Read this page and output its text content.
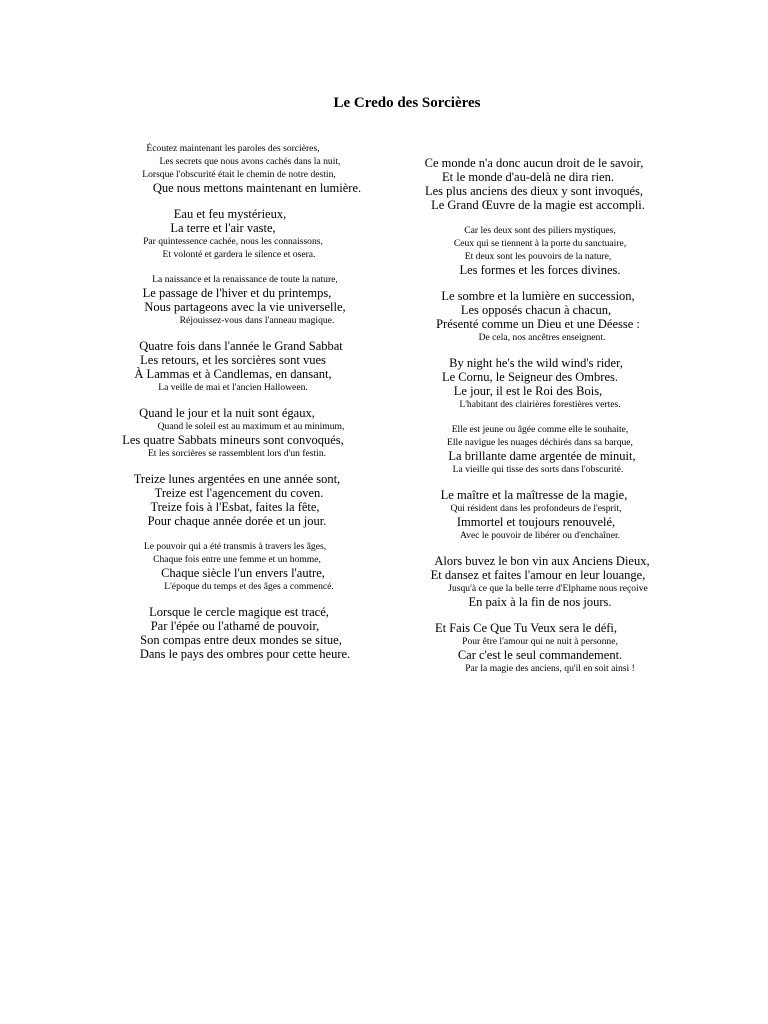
Le Credo des Sorcières
Écoutez maintenant les paroles des sorcières,
Les secrets que nous avons cachés dans la nuit,
Lorsque l'obscurité était le chemin de notre destin,
Que nous mettons maintenant en lumière.
Eau et feu mystérieux,
La terre et l'air vaste,
Par quintessence cachée, nous les connaissons,
Et volonté et gardera le silence et osera.
La naissance et la renaissance de toute la nature,
Le passage de l'hiver et du printemps,
Nous partageons avec la vie universelle,
Réjouissez-vous dans l'anneau magique.
Quatre fois dans l'année le Grand Sabbat
Les retours, et les sorcières sont vues
À Lammas et à Candlemas, en dansant,
La veille de mai et l'ancien Halloween.
Quand le jour et la nuit sont égaux,
Quand le soleil est au maximum et au minimum,
Les quatre Sabbats mineurs sont convoqués,
Et les sorcières se rassemblent lors d'un festin.
Treize lunes argentées en une année sont,
Treize est l'agencement du coven.
Treize fois à l'Esbat, faites la fête,
Pour chaque année dorée et un jour.
Le pouvoir qui a été transmis à travers les âges,
Chaque fois entre une femme et un homme,
Chaque siècle l'un envers l'autre,
L'époque du temps et des âges a commencé.
Lorsque le cercle magique est tracé,
Par l'épée ou l'athamé de pouvoir,
Son compas entre deux mondes se situe,
Dans le pays des ombres pour cette heure.
Ce monde n'a donc aucun droit de le savoir,
Et le monde d'au-delà ne dira rien.
Les plus anciens des dieux y sont invoqués,
Le Grand Œuvre de la magie est accompli.
Car les deux sont des piliers mystiques,
Ceux qui se tiennent à la porte du sanctuaire,
Et deux sont les pouvoirs de la nature,
Les formes et les forces divines.
Le sombre et la lumière en succession,
Les opposés chacun à chacun,
Présenté comme un Dieu et une Déesse :
De cela, nos ancêtres enseignent.
By night he's the wild wind's rider,
Le Cornu, le Seigneur des Ombres.
Le jour, il est le Roi des Bois,
L'habitant des clairières forestières vertes.
Elle est jeune ou âgée comme elle le souhaite,
Elle navigue les nuages déchirés dans sa barque,
La brillante dame argentée de minuit,
La vieille qui tisse des sorts dans l'obscurité.
Le maître et la maîtresse de la magie,
Qui résident dans les profondeurs de l'esprit,
Immortel et toujours renouvelé,
Avec le pouvoir de libérer ou d'enchaîner.
Alors buvez le bon vin aux Anciens Dieux,
Et dansez et faites l'amour en leur louange,
Jusqu'à ce que la belle terre d'Elphame nous reçoive
En paix à la fin de nos jours.
Et Fais Ce Que Tu Veux sera le défi,
Pour être l'amour qui ne nuit à personne,
Car c'est le seul commandement.
Par la magie des anciens, qu'il en soit ainsi !
